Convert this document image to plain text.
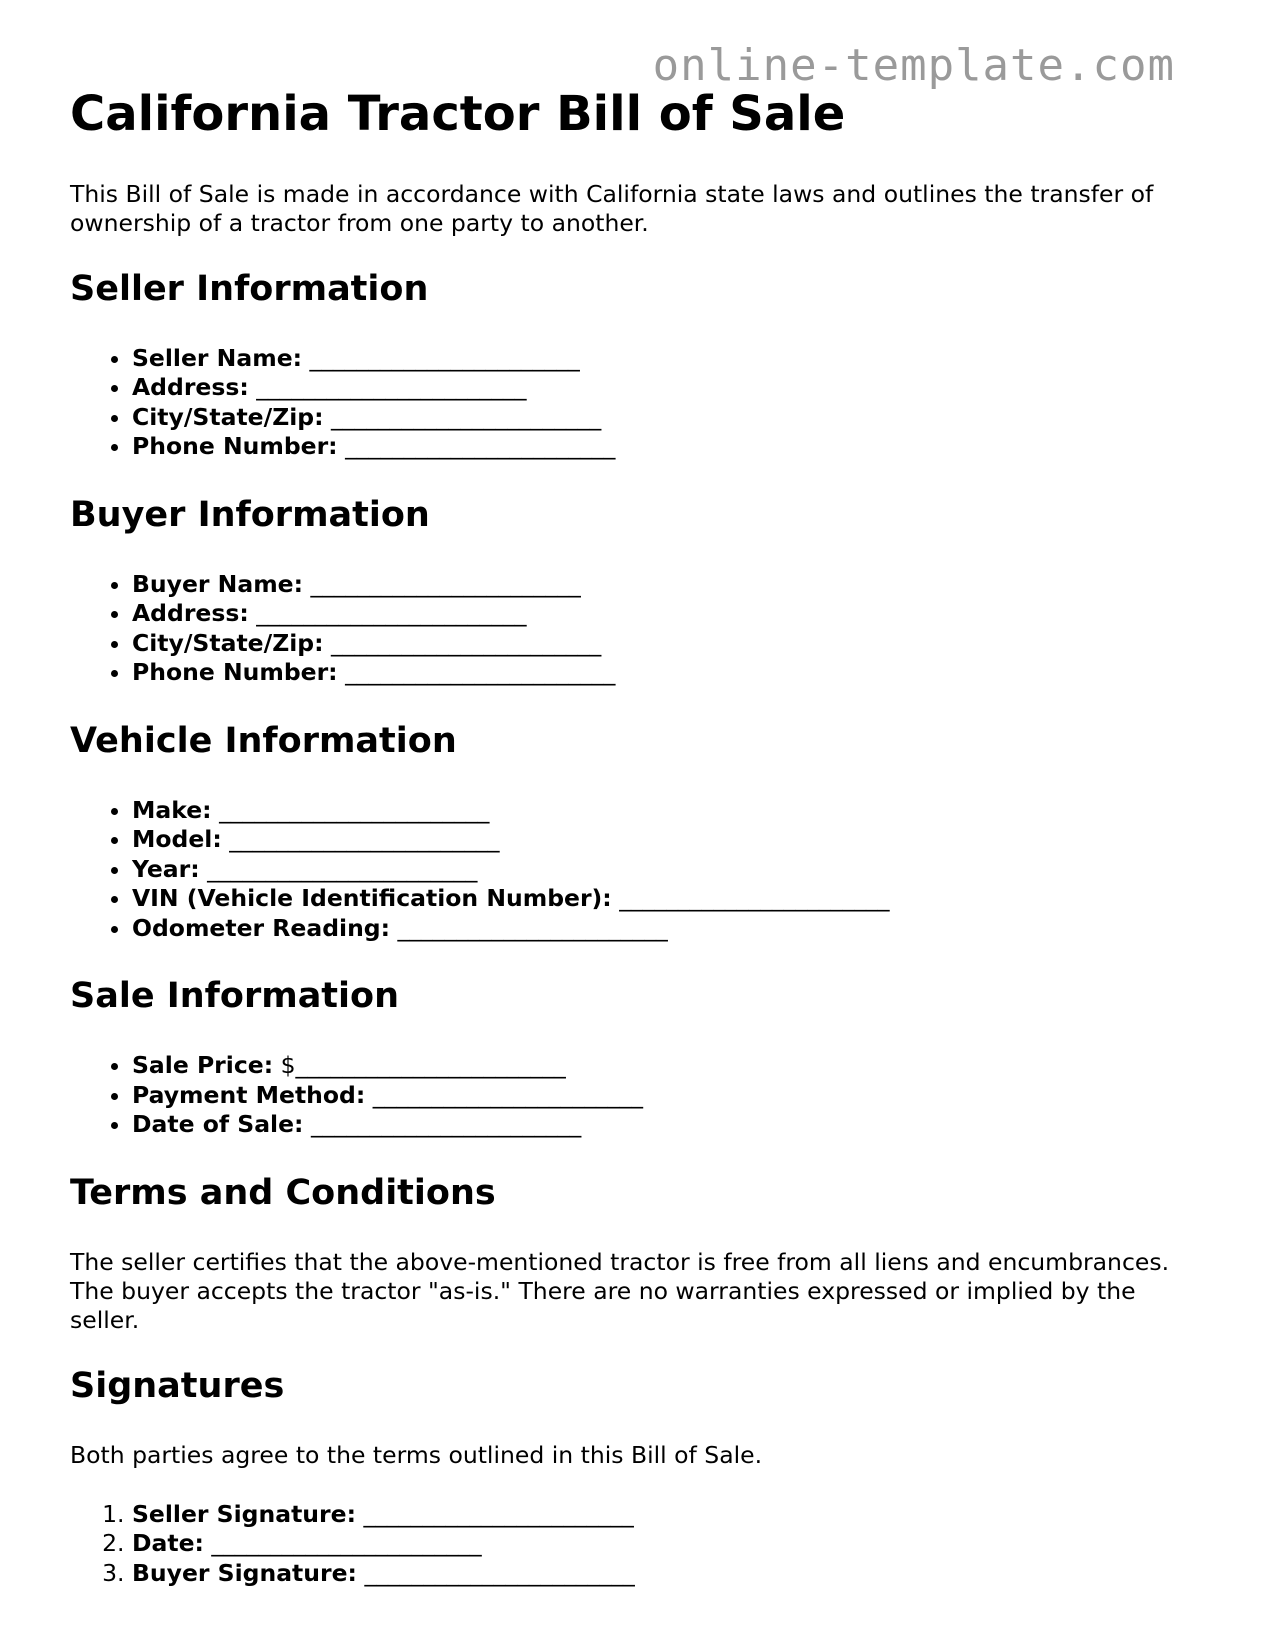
online-template.com
California Tractor Bill of Sale

This Bill of Sale is made in accordance with California state laws and outlines the transfer of ownership of a tractor from one party to another.

Seller Information
• Seller Name: _______________________
• Address: _______________________
• City/State/Zip: _______________________
• Phone Number: _______________________
Buyer Information
• Buyer Name: _______________________
• Address: _______________________
• City/State/Zip: _______________________
• Phone Number: _______________________
Vehicle Information
• Make: _______________________
• Model: _______________________
• Year: _______________________
• VIN (Vehicle Identification Number): _______________________
• Odometer Reading: _______________________
Sale Information
• Sale Price: $_______________________
• Payment Method: _______________________
• Date of Sale: _______________________
Terms and Conditions

The seller certifies that the above-mentioned tractor is free from all liens and encumbrances. The buyer accepts the tractor "as-is." There are no warranties expressed or implied by the seller.

Signatures

Both parties agree to the terms outlined in this Bill of Sale.

1. Seller Signature: _______________________
2. Date: _______________________
3. Buyer Signature: _______________________
